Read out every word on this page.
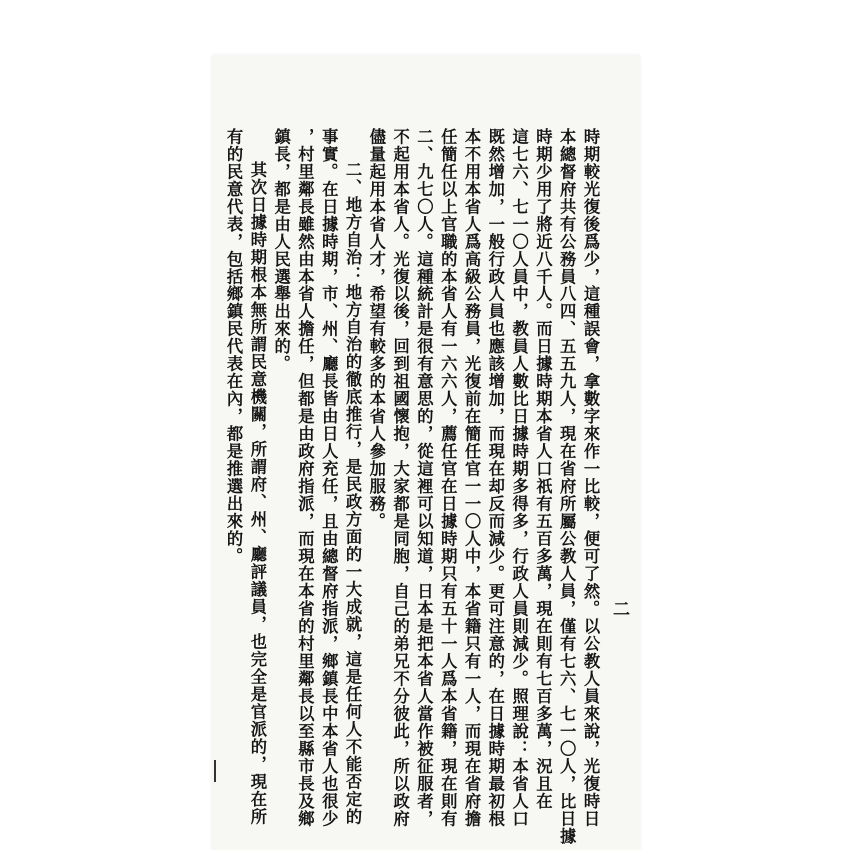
時期較光復後爲少，這種誤會，拿數字來作一比較，便可了然。以公教人員來說，光復時日
本總督府共有公務員八四、五五九人，現在省府所屬公教人員，僅有七六、七一〇人，比日據
時期少用了將近八千人。而日據時期本省人口祇有五百多萬，現在則有七百多萬，況且在
這七六、七一〇人員中，教員人數比日據時期多得多，行政人員則減少。照理說：本省人口
既然增加，一般行政人員也應該增加，而現在却反而減少。更可注意的，在日據時期最初根
本不用本省人爲高級公務員，光復前在簡任官一一〇人中，本省籍只有一人，而現在省府擔
任簡任以上官職的本省人有一六六人，薦任官在日據時期只有五十一人爲本省籍，現在則有
二、九七〇人。這種統計是很有意思的，從這裡可以知道，日本是把本省人當作被征服者，
不起用本省人。光復以後，回到祖國懷抱，大家都是同胞，自己的弟兄不分彼此，所以政府
儘量起用本省人才，希望有較多的本省人參加服務。
二、地方自治：地方自治的徹底推行，是民政方面的一大成就，這是任何人不能否定的
事實。在日據時期，市、州、廳長皆由日人充任，且由總督府指派，鄉鎮長中本省人也很少
，村里鄰長雖然由本省人擔任，但都是由政府指派，而現在本省的村里鄰長以至縣市長及鄉
鎮長，都是由人民選舉出來的。
其次日據時期根本無所謂民意機關，所謂府、州、廳評議員，也完全是官派的，現在所
有的民意代表，包括鄉鎮民代表在內，都是推選出來的。
二
